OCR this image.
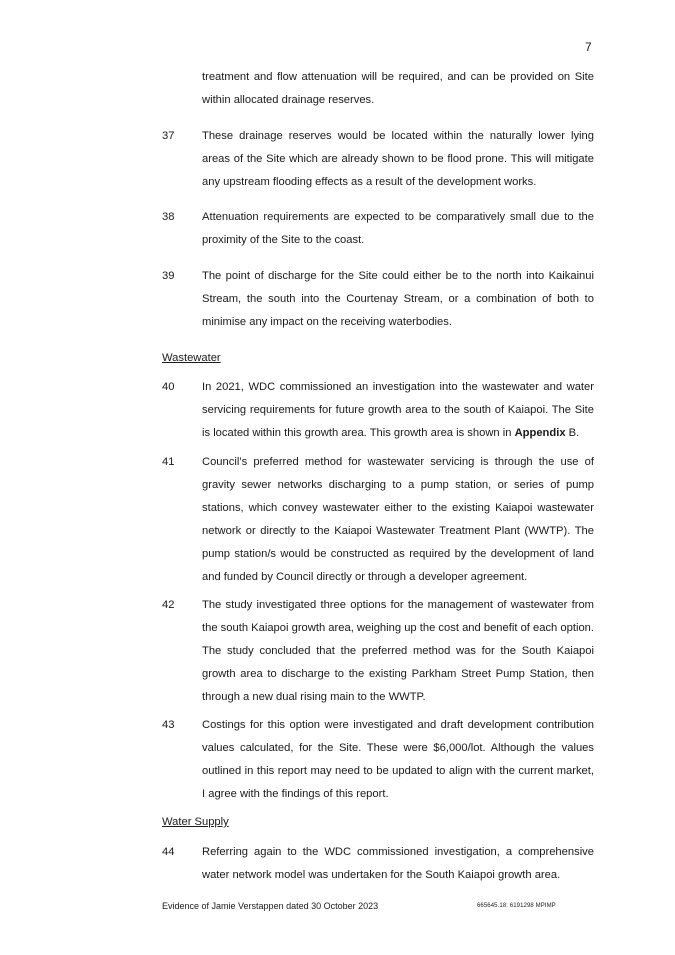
7
treatment and flow attenuation will be required, and can be provided on Site within allocated drainage reserves.
37	These drainage reserves would be located within the naturally lower lying areas of the Site which are already shown to be flood prone. This will mitigate any upstream flooding effects as a result of the development works.
38	Attenuation requirements are expected to be comparatively small due to the proximity of the Site to the coast.
39	The point of discharge for the Site could either be to the north into Kaikainui Stream, the south into the Courtenay Stream, or a combination of both to minimise any impact on the receiving waterbodies.
Wastewater
40	In 2021, WDC commissioned an investigation into the wastewater and water servicing requirements for future growth area to the south of Kaiapoi. The Site is located within this growth area. This growth area is shown in Appendix B.
41	Council’s preferred method for wastewater servicing is through the use of gravity sewer networks discharging to a pump station, or series of pump stations, which convey wastewater either to the existing Kaiapoi wastewater network or directly to the Kaiapoi Wastewater Treatment Plant (WWTP). The pump station/s would be constructed as required by the development of land and funded by Council directly or through a developer agreement.
42	The study investigated three options for the management of wastewater from the south Kaiapoi growth area, weighing up the cost and benefit of each option. The study concluded that the preferred method was for the South Kaiapoi growth area to discharge to the existing Parkham Street Pump Station, then through a new dual rising main to the WWTP.
43	Costings for this option were investigated and draft development contribution values calculated, for the Site. These were $6,000/lot. Although the values outlined in this report may need to be updated to align with the current market, I agree with the findings of this report.
Water Supply
44	Referring again to the WDC commissioned investigation, a comprehensive water network model was undertaken for the South Kaiapoi growth area.
Evidence of Jamie Verstappen dated 30 October 2023	665645.18: 6191298 MPIMP
